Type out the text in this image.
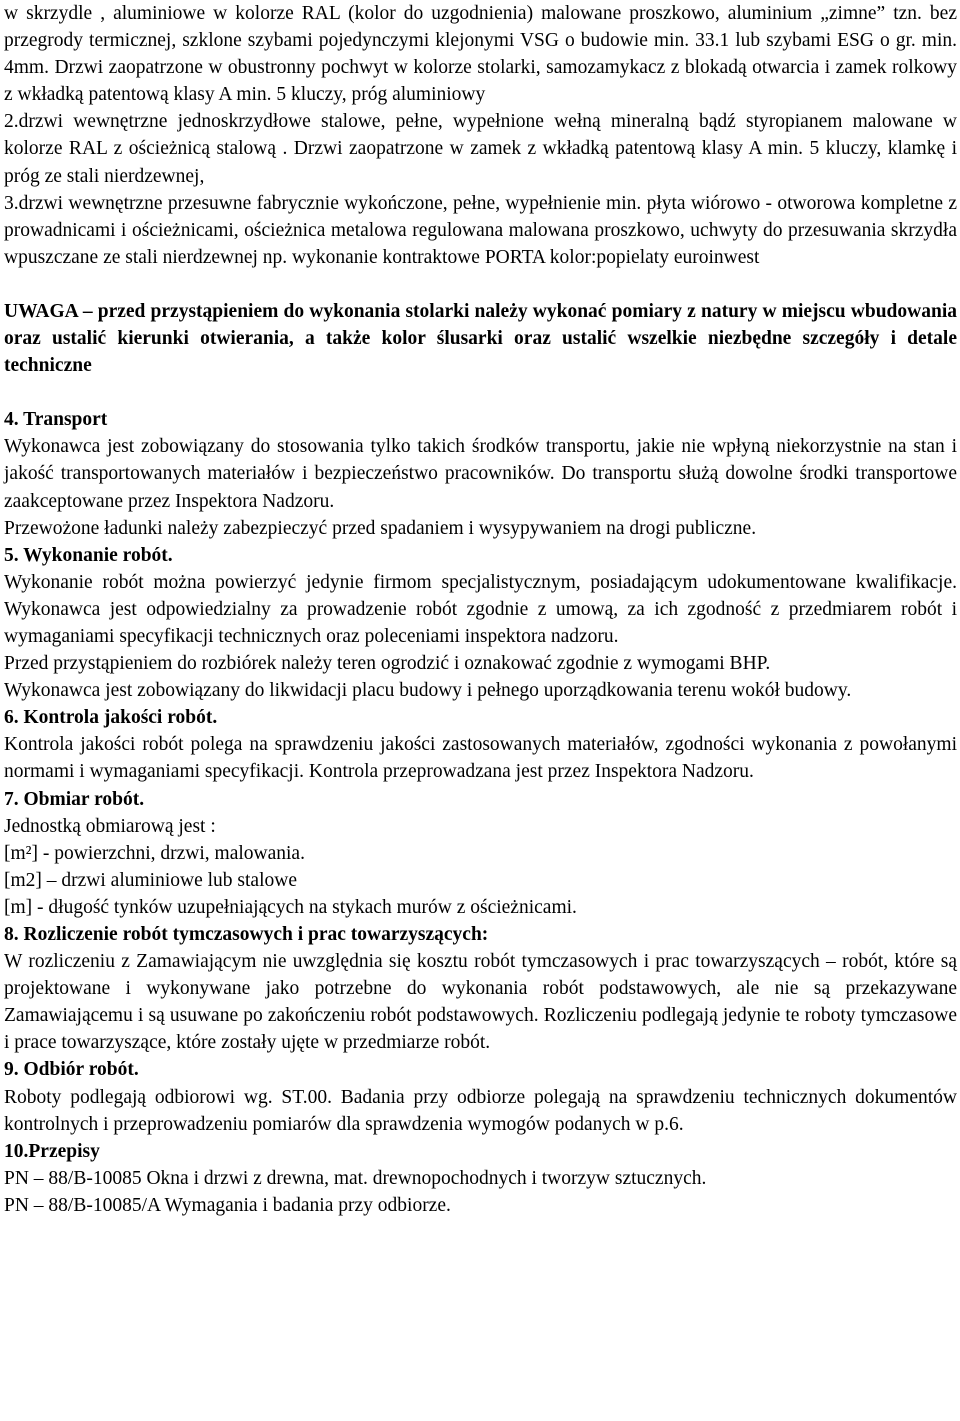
w skrzydle , aluminiowe w kolorze RAL (kolor do uzgodnienia) malowane proszkowo, aluminium „zimne” tzn. bez przegrody termicznej, szklone szybami pojedynczymi klejonymi VSG o budowie min. 33.1 lub szybami ESG o gr. min. 4mm. Drzwi zaopatrzone w obustronny pochwyt w kolorze stolarki, samozamykacz z blokadą otwarcia i zamek rolkowy z wkładką patentową klasy A min. 5 kluczy, próg aluminiowy

2.drzwi wewnętrzne jednoskrzydłowe stalowe, pełne, wypełnione wełną mineralną bądź styropianem malowane w kolorze RAL z ościeżnicą stalową . Drzwi zaopatrzone w zamek z wkładką patentową klasy A min. 5 kluczy, klamkę i próg ze stali nierdzewnej,

3.drzwi wewnętrzne przesuwne fabrycznie wykończone, pełne, wypełnienie min. płyta wiórowo - otworowa kompletne z prowadnicami i ościeżnicami, ościeżnica metalowa regulowana malowana proszkowo, uchwyty do przesuwania skrzydła wpuszczane ze stali nierdzewnej np. wykonanie kontraktowe PORTA kolor:popielaty euroinwest

UWAGA – przed przystąpieniem do wykonania stolarki należy wykonać pomiary z natury w miejscu wbudowania oraz ustalić kierunki otwierania, a także kolor ślusarki oraz ustalić wszelkie niezbędne szczegóły i detale techniczne

4. Transport

Wykonawca jest zobowiązany do stosowania tylko takich środków transportu, jakie nie wpłyną niekorzystnie na stan i jakość transportowanych materiałów i bezpieczeństwo pracowników. Do transportu służą dowolne środki transportowe zaakceptowane przez Inspektora Nadzoru.

Przewożone ładunki należy zabezpieczyć przed spadaniem i wysypywaniem na drogi publiczne.

5. Wykonanie robót.

Wykonanie robót można powierzyć jedynie firmom specjalistycznym, posiadającym udokumentowane kwalifikacje. Wykonawca jest odpowiedzialny za prowadzenie robót zgodnie z umową, za ich zgodność z przedmiarem robót i wymaganiami specyfikacji technicznych oraz poleceniami inspektora nadzoru.

Przed przystąpieniem do rozbiórek należy teren ogrodzić i oznakować zgodnie z wymogami BHP.

Wykonawca jest zobowiązany do likwidacji placu budowy i pełnego uporządkowania terenu wokół budowy.

6. Kontrola jakości robót.

Kontrola jakości robót polega na sprawdzeniu jakości zastosowanych materiałów, zgodności wykonania z powołanymi normami i wymaganiami specyfikacji. Kontrola przeprowadzana jest przez Inspektora Nadzoru.

7. Obmiar robót.

Jednostką obmiarową jest :

[m²] - powierzchni, drzwi, malowania.

[m2] – drzwi aluminiowe lub stalowe

[m] - długość tynków uzupełniających na stykach murów z ościeżnicami.

8. Rozliczenie robót tymczasowych i prac towarzyszących:

W rozliczeniu z Zamawiającym nie uwzględnia się kosztu robót tymczasowych i prac towarzyszących – robót, które są projektowane i wykonywane jako potrzebne do wykonania robót podstawowych, ale nie są przekazywane Zamawiającemu i są usuwane po zakończeniu robót podstawowych. Rozliczeniu podlegają jedynie te roboty tymczasowe i prace towarzyszące, które zostały ujęte w przedmiarze robót.

9. Odbiór robót.

Roboty podlegają odbiorowi wg. ST.00. Badania przy odbiorze polegają na sprawdzeniu technicznych dokumentów kontrolnych i przeprowadzeniu pomiarów dla sprawdzenia wymogów podanych w p.6.

10.Przepisy

PN – 88/B-10085 Okna i drzwi z drewna, mat. drewnopochodnych i tworzyw sztucznych.

PN – 88/B-10085/A Wymagania i badania przy odbiorze.
